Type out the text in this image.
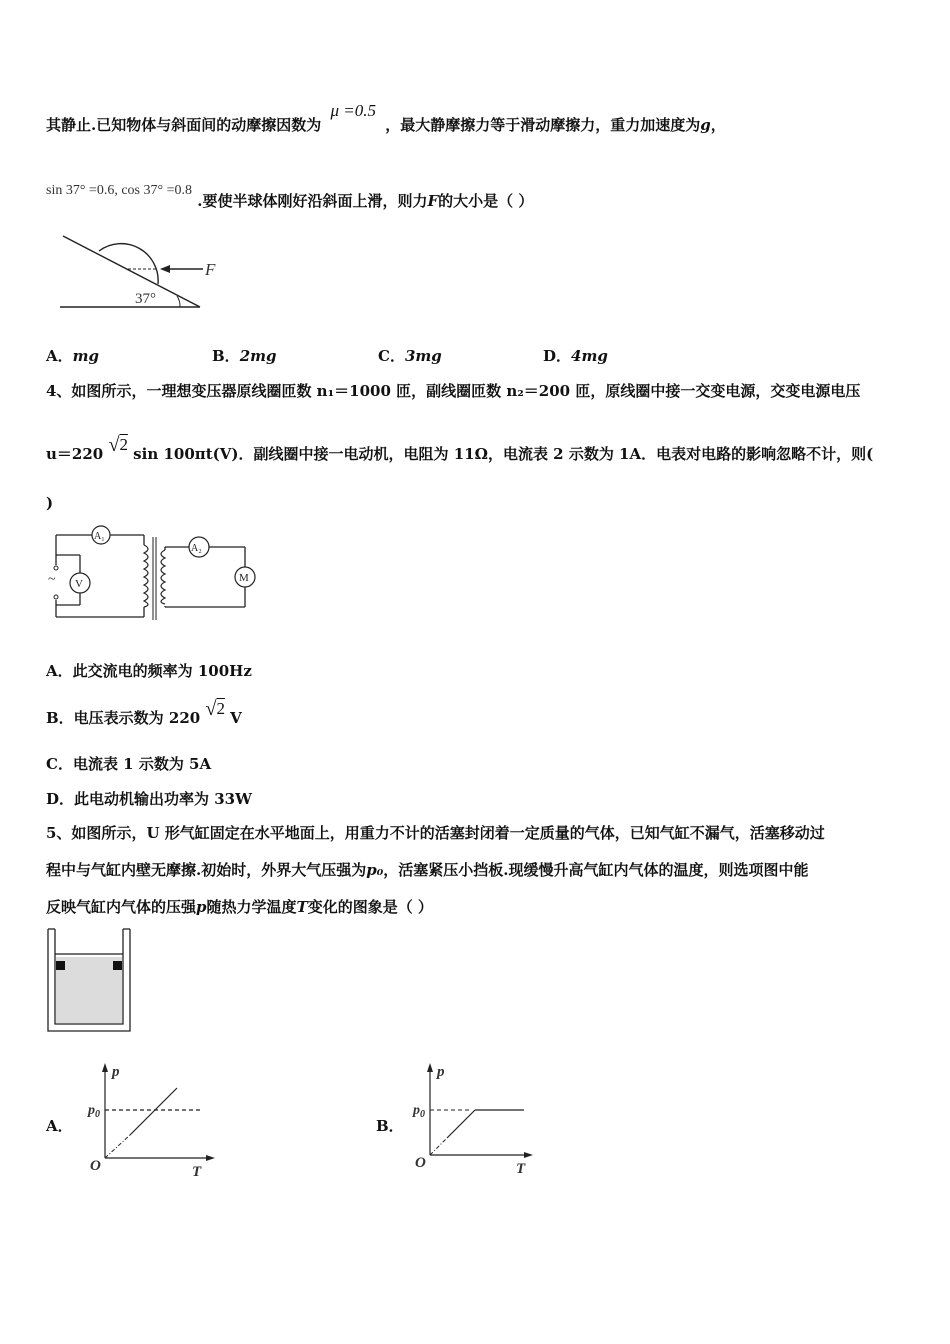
其静止.已知物体与斜面间的动摩擦因数为 μ =0.5 ，最大静摩擦力等于滑动摩擦力，重力加速度为g，
sin 37° =0.6, cos 37° =0.8 .要使半球体刚好沿斜面上滑，则力F的大小是（ ）
F
37°
A．mg	B．2mg	C．3mg	D．4mg
4、如图所示，一理想变压器原线圈匝数 n₁＝1000 匝，副线圈匝数 n₂＝200 匝，原线圈中接一交变电源，交变电源电压
u＝220 √2 sin 100πt(V)．副线圈中接一电动机，电阻为 11Ω，电流表 2 示数为 1A．电表对电路的影响忽略不计，则(
)
A₁
~ V
A₂
M
A．此交流电的频率为 100Hz
B．电压表示数为 220 √2 V
C．电流表 1 示数为 5A
D．此电动机输出功率为 33W
5、如图所示，U 形气缸固定在水平地面上，用重力不计的活塞封闭着一定质量的气体，已知气缸不漏气，活塞移动过
程中与气缸内壁无摩擦.初始时，外界大气压强为p₀，活塞紧压小挡板.现缓慢升高气缸内气体的温度，则选项图中能
反映气缸内气体的压强p随热力学温度T变化的图象是（ ）
A．
p
$p_0$
O	T
B．
p
$p_0$
O	T
